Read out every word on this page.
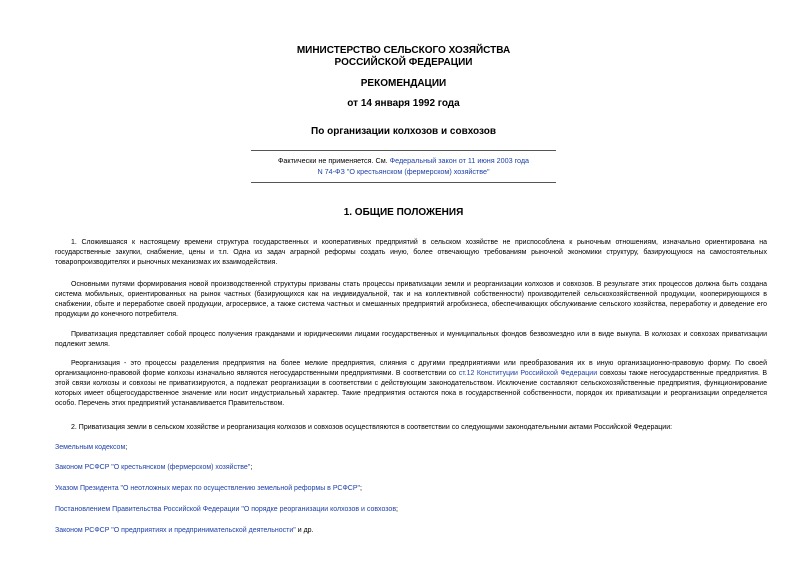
МИНИСТЕРСТВО СЕЛЬСКОГО ХОЗЯЙСТВА
РОССИЙСКОЙ ФЕДЕРАЦИИ
РЕКОМЕНДАЦИИ
от 14 января 1992 года
По организации колхозов и совхозов
Фактически не применяется. См. Федеральный закон от 11 июня 2003 года
N 74-ФЗ "О крестьянском (фермерском) хозяйстве"
1. ОБЩИЕ ПОЛОЖЕНИЯ

1. Сложившаяся к настоящему времени структура государственных и кооперативных предприятий в сельском хозяйстве не приспособлена к рыночным отношениям, изначально ориентирована на государственные закупки, снабжение, цены и т.п. Одна из задач аграрной реформы создать иную, более отвечающую требованиям рыночной экономики структуру, базирующуюся на самостоятельных товаропроизводителях и рыночных механизмах их взаимодействия.

Основными путями формирования новой производственной структуры призваны стать процессы приватизации земли и реорганизации колхозов и совхозов. В результате этих процессов должна быть создана система мобильных, ориентированных на рынок частных (базирующихся как на индивидуальной, так и на коллективной собственности) производителей сельскохозяйственной продукции, кооперирующихся в снабжении, сбыте и переработке своей продукции, агросервисе, а также система частных и смешанных предприятий агробизнеса, обеспечивающих обслуживание сельского хозяйства, переработку и доведение его продукции до конечного потребителя.

Приватизация представляет собой процесс получения гражданами и юридическими лицами государственных и муниципальных фондов безвозмездно или в виде выкупа. В колхозах и совхозах приватизации подлежит земля.

Реорганизация - это процессы разделения предприятия на более мелкие предприятия, слияния с другими предприятиями или преобразования их в иную организационно-правовую форму. По своей организационно-правовой форме колхозы изначально являются негосударственными предприятиями. В соответствии со ст.12 Конституции Российской Федерации совхозы также негосударственные предприятия. В этой связи колхозы и совхозы не приватизируются, а подлежат реорганизации в соответствии с действующим законодательством. Исключение составляют сельскохозяйственные предприятия, функционирование которых имеет общегосударственное значение или носит индустриальный характер. Такие предприятия остаются пока в государственной собственности, порядок их приватизации и реорганизации определяется особо. Перечень этих предприятий устанавливается Правительством.

2. Приватизация земли в сельском хозяйстве и реорганизация колхозов и совхозов осуществляются в соответствии со следующими законодательными актами Российской Федерации:

Земельным кодексом;
Законом РСФСР "О крестьянском (фермерском) хозяйстве";
Указом Президента "О неотложных мерах по осуществлению земельной реформы в РСФСР";
Постановлением Правительства Российской Федерации "О порядке реорганизации колхозов и совхозов;
Законом РСФСР "О предприятиях и предпринимательской деятельности" и др.
